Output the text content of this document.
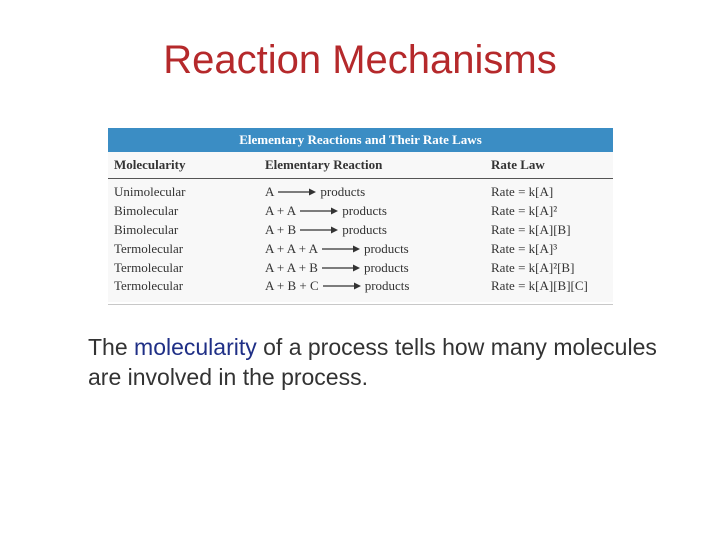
Reaction Mechanisms
Elementary Reactions and Their Rate Laws
Molecularity	Elementary Reaction	Rate Law
Unimolecular	A → products	Rate = k[A]
Bimolecular	A + A → products	Rate = k[A]²
Bimolecular	A + B → products	Rate = k[A][B]
Termolecular	A + A + A → products	Rate = k[A]³
Termolecular	A + A + B → products	Rate = k[A]²[B]
Termolecular	A + B + C → products	Rate = k[A][B][C]
The molecularity of a process tells how many molecules are involved in the process.
